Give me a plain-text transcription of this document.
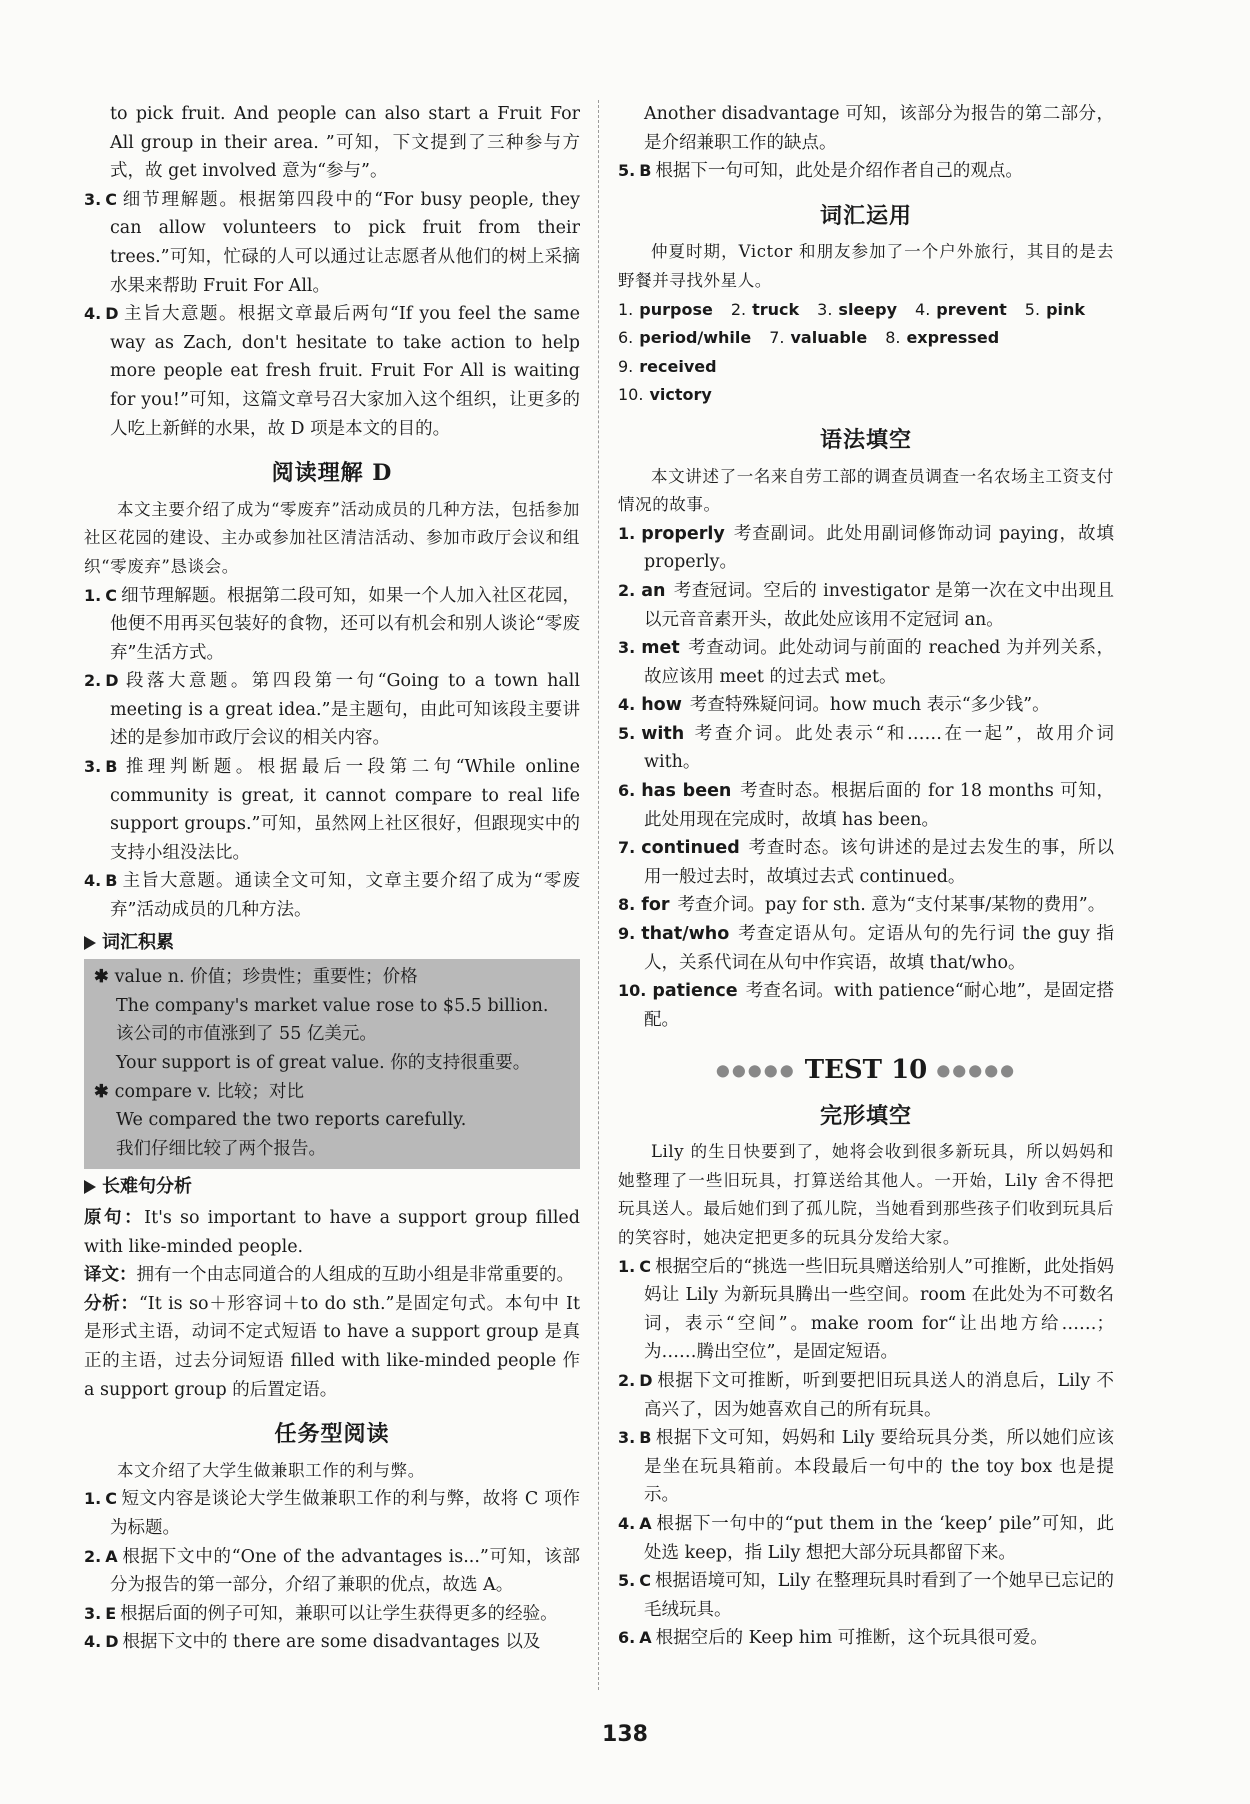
to pick fruit. And people can also start a Fruit For All group in their area. ”可知，下文提到了三种参与方式，故 get involved 意为“参与”。

3. C 细节理解题。根据第四段中的“For busy people, they can allow volunteers to pick fruit from their trees.”可知，忙碌的人可以通过让志愿者从他们的树上采摘水果来帮助 Fruit For All。
4. D 主旨大意题。根据文章最后两句“If you feel the same way as Zach, don't hesitate to take action to help more people eat fresh fruit. Fruit For All is waiting for you!”可知，这篇文章号召大家加入这个组织，让更多的人吃上新鲜的水果，故 D 项是本文的目的。
阅读理解 D

本文主要介绍了成为“零废弃”活动成员的几种方法，包括参加社区花园的建设、主办或参加社区清洁活动、参加市政厅会议和组织“零废弃”恳谈会。

1. C 细节理解题。根据第二段可知，如果一个人加入社区花园，他便不用再买包装好的食物，还可以有机会和别人谈论“零废弃”生活方式。
2. D 段落大意题。第四段第一句“Going to a town hall meeting is a great idea.”是主题句，由此可知该段主要讲述的是参加市政厅会议的相关内容。
3. B 推理判断题。根据最后一段第二句“While online community is great, it cannot compare to real life support groups.”可知，虽然网上社区很好，但跟现实中的支持小组没法比。
4. B 主旨大意题。通读全文可知，文章主要介绍了成为“零废弃”活动成员的几种方法。
词汇积累
✱ value n. 价值；珍贵性；重要性；价格
The company's market value rose to $5.5 billion.
该公司的市值涨到了 55 亿美元。
Your support is of great value. 你的支持很重要。
✱ compare v. 比较；对比
We compared the two reports carefully.
我们仔细比较了两个报告。
长难句分析

原句：It's so important to have a support group filled with like-minded people.

译文：拥有一个由志同道合的人组成的互助小组是非常重要的。

分析：“It is so＋形容词＋to do sth.”是固定句式。本句中 It 是形式主语，动词不定式短语 to have a support group 是真正的主语，过去分词短语 filled with like-minded people 作 a support group 的后置定语。

任务型阅读

本文介绍了大学生做兼职工作的利与弊。

1. C 短文内容是谈论大学生做兼职工作的利与弊，故将 C 项作为标题。
2. A 根据下文中的“One of the advantages is...”可知，该部分为报告的第一部分，介绍了兼职的优点，故选 A。
3. E 根据后面的例子可知，兼职可以让学生获得更多的经验。
4. D 根据下文中的 there are some disadvantages 以及

Another disadvantage 可知，该部分为报告的第二部分，是介绍兼职工作的缺点。

5. B 根据下一句可知，此处是介绍作者自己的观点。
词汇运用

仲夏时期，Victor 和朋友参加了一个户外旅行，其目的是去野餐并寻找外星人。

1. purpose 2. truck 3. sleepy 4. prevent 5. pink
6. period/while 7. valuable 8. expressed
9. received
10. victory
语法填空

本文讲述了一名来自劳工部的调查员调查一名农场主工资支付情况的故事。

1. properly 考查副词。此处用副词修饰动词 paying，故填 properly。
2. an 考查冠词。空后的 investigator 是第一次在文中出现且以元音音素开头，故此处应该用不定冠词 an。
3. met 考查动词。此处动词与前面的 reached 为并列关系，故应该用 meet 的过去式 met。
4. how 考查特殊疑问词。how much 表示“多少钱”。
5. with 考查介词。此处表示“和……在一起”，故用介词 with。
6. has been 考查时态。根据后面的 for 18 months 可知，此处用现在完成时，故填 has been。
7. continued 考查时态。该句讲述的是过去发生的事，所以用一般过去时，故填过去式 continued。
8. for 考查介词。pay for sth. 意为“支付某事/某物的费用”。
9. that/who 考查定语从句。定语从句的先行词 the guy 指人，关系代词在从句中作宾语，故填 that/who。
10. patience 考查名词。with patience“耐心地”，是固定搭配。
●●●●● TEST 10 ●●●●●
完形填空

Lily 的生日快要到了，她将会收到很多新玩具，所以妈妈和她整理了一些旧玩具，打算送给其他人。一开始，Lily 舍不得把玩具送人。最后她们到了孤儿院，当她看到那些孩子们收到玩具后的笑容时，她决定把更多的玩具分发给大家。

1. C 根据空后的“挑选一些旧玩具赠送给别人”可推断，此处指妈妈让 Lily 为新玩具腾出一些空间。room 在此处为不可数名词，表示“空间”。make room for“让出地方给……；为……腾出空位”，是固定短语。
2. D 根据下文可推断，听到要把旧玩具送人的消息后，Lily 不高兴了，因为她喜欢自己的所有玩具。
3. B 根据下文可知，妈妈和 Lily 要给玩具分类，所以她们应该是坐在玩具箱前。本段最后一句中的 the toy box 也是提示。
4. A 根据下一句中的“put them in the ‘keep’ pile”可知，此处选 keep，指 Lily 想把大部分玩具都留下来。
5. C 根据语境可知，Lily 在整理玩具时看到了一个她早已忘记的毛绒玩具。
6. A 根据空后的 Keep him 可推断，这个玩具很可爱。
138
